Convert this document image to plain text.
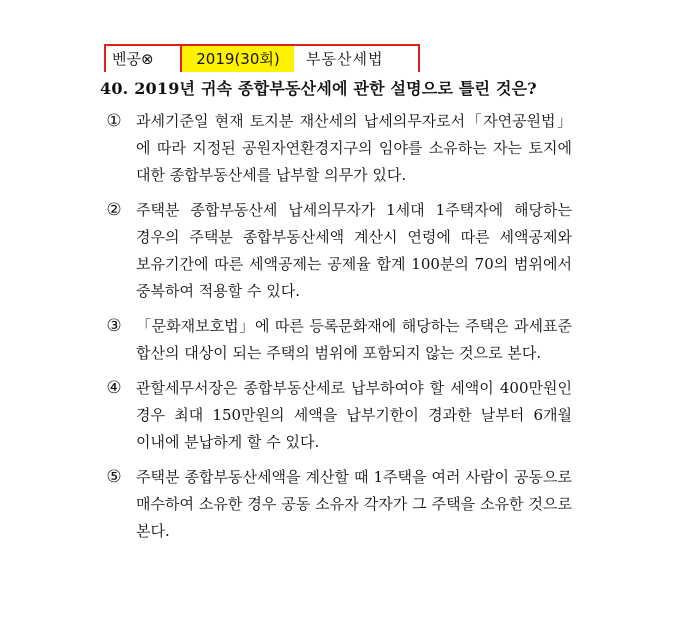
벤공⊗	2019(30회)	부동산세법
40. 2019년 귀속 종합부동산세에 관한 설명으로 틀린 것은?
① 과세기준일 현재 토지분 재산세의 납세의무자로서「자연공원법」에 따라 지정된 공원자연환경지구의 임야를 소유하는 자는 토지에 대한 종합부동산세를 납부할 의무가 있다.
② 주택분 종합부동산세 납세의무자가 1세대 1주택자에 해당하는 경우의 주택분 종합부동산세액 계산시 연령에 따른 세액공제와 보유기간에 따른 세액공제는 공제율 합계 100분의 70의 범위에서 중복하여 적용할 수 있다.
③ 「문화재보호법」에 따른 등록문화재에 해당하는 주택은 과세표준 합산의 대상이 되는 주택의 범위에 포함되지 않는 것으로 본다.
④ 관할세무서장은 종합부동산세로 납부하여야 할 세액이 400만원인 경우 최대 150만원의 세액을 납부기한이 경과한 날부터 6개월 이내에 분납하게 할 수 있다.
⑤ 주택분 종합부동산세액을 계산할 때 1주택을 여러 사람이 공동으로 매수하여 소유한 경우 공동 소유자 각자가 그 주택을 소유한 것으로 본다.
